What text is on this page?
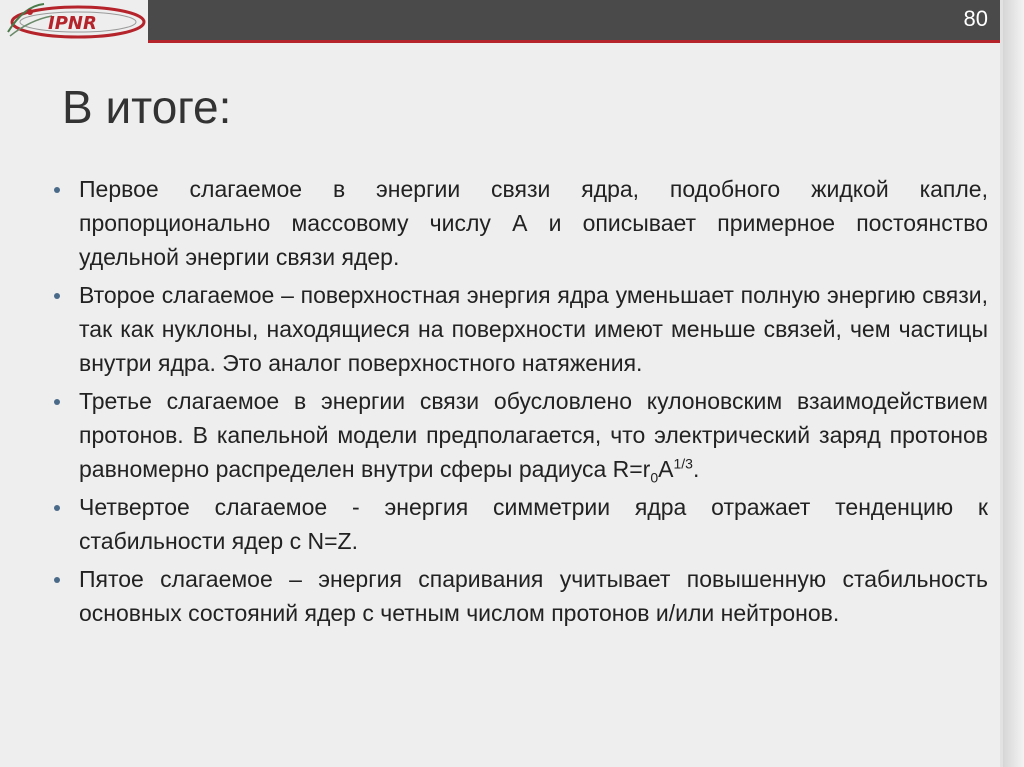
80
IPNR
В итоге:
Первое слагаемое в энергии связи ядра, подобного жидкой капле, пропорционально массовому числу А и описывает примерное постоянство удельной энергии связи ядер.
Второе слагаемое – поверхностная энергия ядра уменьшает полную энергию связи, так как нуклоны, находящиеся на поверхности имеют меньше связей, чем частицы внутри ядра. Это аналог поверхностного натяжения.
Третье слагаемое в энергии связи обусловлено кулоновским взаимодействием протонов. В капельной модели предполагается, что электрический заряд протонов равномерно распределен внутри сферы радиуса $R=r_0A^{1/3}$.
Четвертое слагаемое - энергия симметрии ядра отражает тенденцию к стабильности ядер с N=Z.
Пятое слагаемое – энергия спаривания учитывает повышенную стабильность основных состояний ядер с четным числом протонов и/или нейтронов.
